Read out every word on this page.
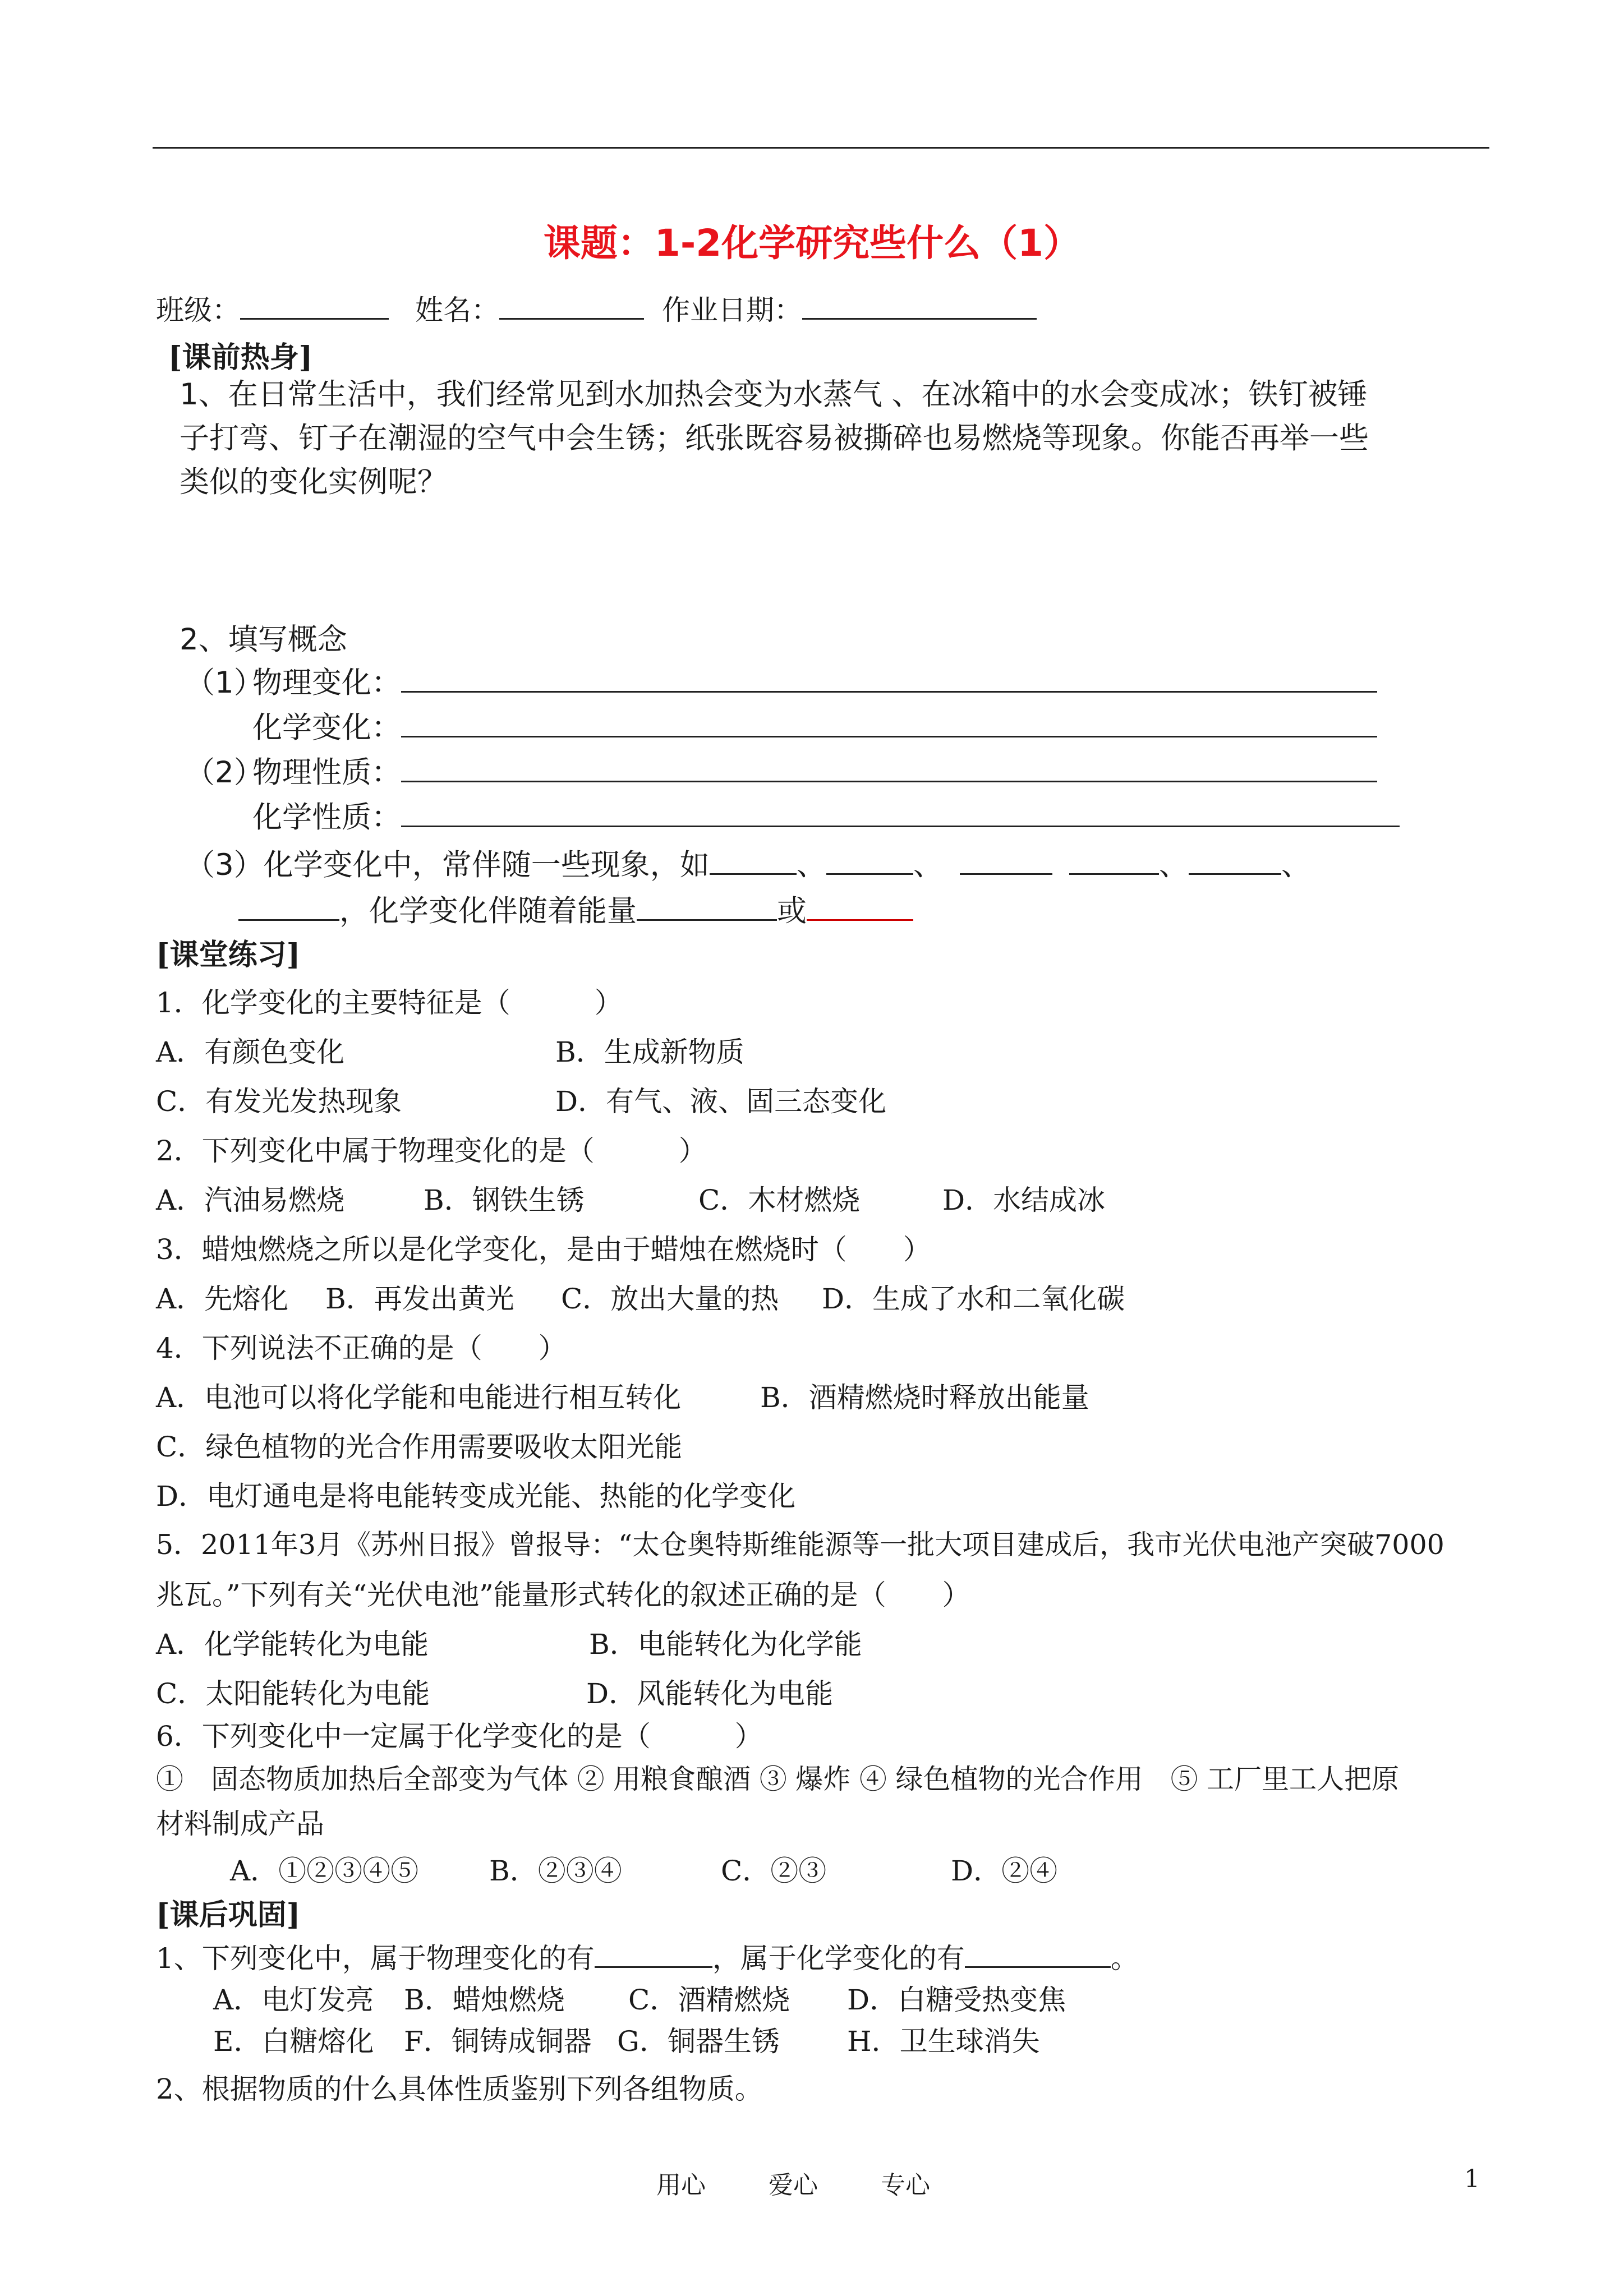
课题：1-2化学研究些什么（1）
班级：	姓名：	作业日期：
[课前热身]
1、在日常生活中，我们经常见到水加热会变为水蒸气 、在冰箱中的水会变成冰；铁钉被锤
子打弯、钉子在潮湿的空气中会生锈；纸张既容易被撕碎也易燃烧等现象。你能否再举一些
类似的变化实例呢？
2、填写概念
（1）物理变化：
化学变化：
（2）物理性质：
化学性质：
（3）化学变化中，常伴随一些现象，如	、	、	、	、
，化学变化伴随着能量	或
[课堂练习]
1．化学变化的主要特征是（　　　）
A．有颜色变化	B．生成新物质
C．有发光发热现象	D．有气、液、固三态变化
2．下列变化中属于物理变化的是（　　　）
A．汽油易燃烧	B．钢铁生锈	C．木材燃烧	D．水结成冰
3．蜡烛燃烧之所以是化学变化，是由于蜡烛在燃烧时（　　）
A．先熔化 B．再发出黄光 C．放出大量的热 D．生成了水和二氧化碳
4．下列说法不正确的是（　　）
A．电池可以将化学能和电能进行相互转化	B．酒精燃烧时释放出能量
C．绿色植物的光合作用需要吸收太阳光能
D．电灯通电是将电能转变成光能、热能的化学变化
5．2011年3月《苏州日报》曾报导：“太仓奥特斯维能源等一批大项目建成后，我市光伏电池产突破7000
兆瓦。”下列有关“光伏电池”能量形式转化的叙述正确的是（　　）
A．化学能转化为电能	B．电能转化为化学能
C．太阳能转化为电能	D．风能转化为电能
6．下列变化中一定属于化学变化的是（　　　）
①　固态物质加热后全部变为气体 ② 用粮食酿酒 ③ 爆炸 ④ 绿色植物的光合作用　⑤ 工厂里工人把原
材料制成产品
A．①②③④⑤	B．②③④	C．②③	D．②④
[课后巩固]
1、下列变化中，属于物理变化的有	，属于化学变化的有	。
A．电灯发亮 B．蜡烛燃烧 C．酒精燃烧 D．白糖受热变焦
E．白糖熔化 F．铜铸成铜器 G．铜器生锈 H．卫生球消失
2、根据物质的什么具体性质鉴别下列各组物质。
用心	爱心	专心	1
